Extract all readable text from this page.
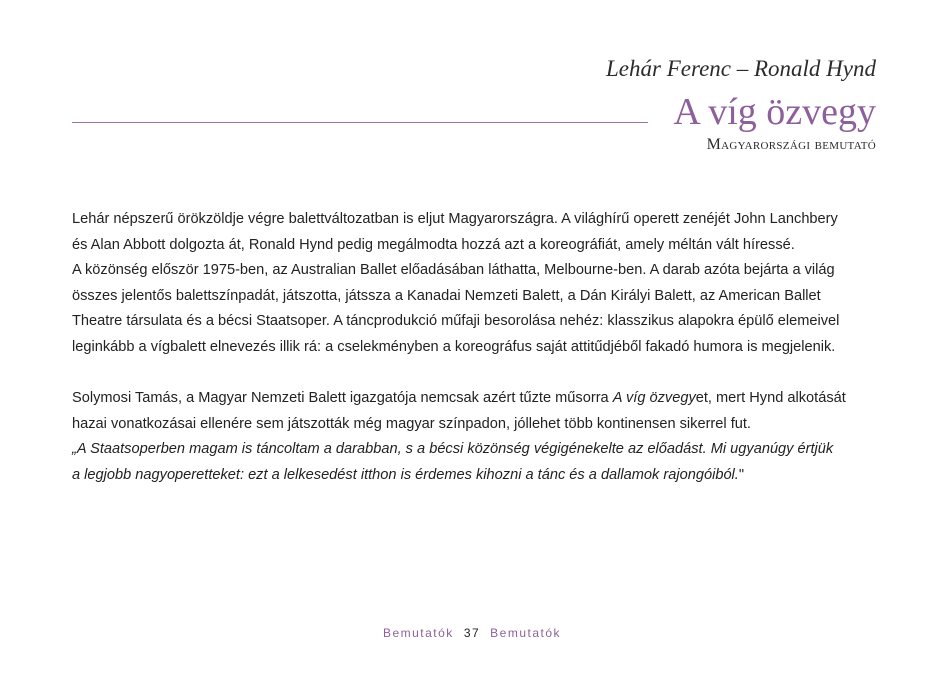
Lehár Ferenc – Ronald Hynd
A víg özvegy
Magyarországi bemutató
Lehár népszerű örökzöldje végre balettváltozatban is eljut Magyarországra. A világhírű operett zenéjét John Lanchbery
és Alan Abbott dolgozta át, Ronald Hynd pedig megálmodta hozzá azt a koreográfiát, amely méltán vált híressé.
A közönség először 1975-ben, az Australian Ballet előadásában láthatta, Melbourne-ben. A darab azóta bejárta a világ
összes jelentős balettszínpadát, játszotta, játssza a Kanadai Nemzeti Balett, a Dán Királyi Balett, az American Ballet
Theatre társulata és a bécsi Staatsoper. A táncprodukció műfaji besorolása nehéz: klasszikus alapokra épülő elemeivel
leginkább a vígbalett elnevezés illik rá: a cselekményben a koreográfus saját attitűdjéből fakadó humora is megjelenik.
Solymosi Tamás, a Magyar Nemzeti Balett igazgatója nemcsak azért tűzte műsorra A víg özvegyet, mert Hynd alkotását
hazai vonatkozásai ellenére sem játszották még magyar színpadon, jóllehet több kontinensen sikerrel fut.
„A Staatsoperben magam is táncoltam a darabban, s a bécsi közönség végigénekelte az előadást. Mi ugyanúgy értjük
a legjobb nagyoperetteket: ezt a lelkesedést itthon is érdemes kihozni a tánc és a dallamok rajongóiból."
Bemutatók 37 Bemutatók
